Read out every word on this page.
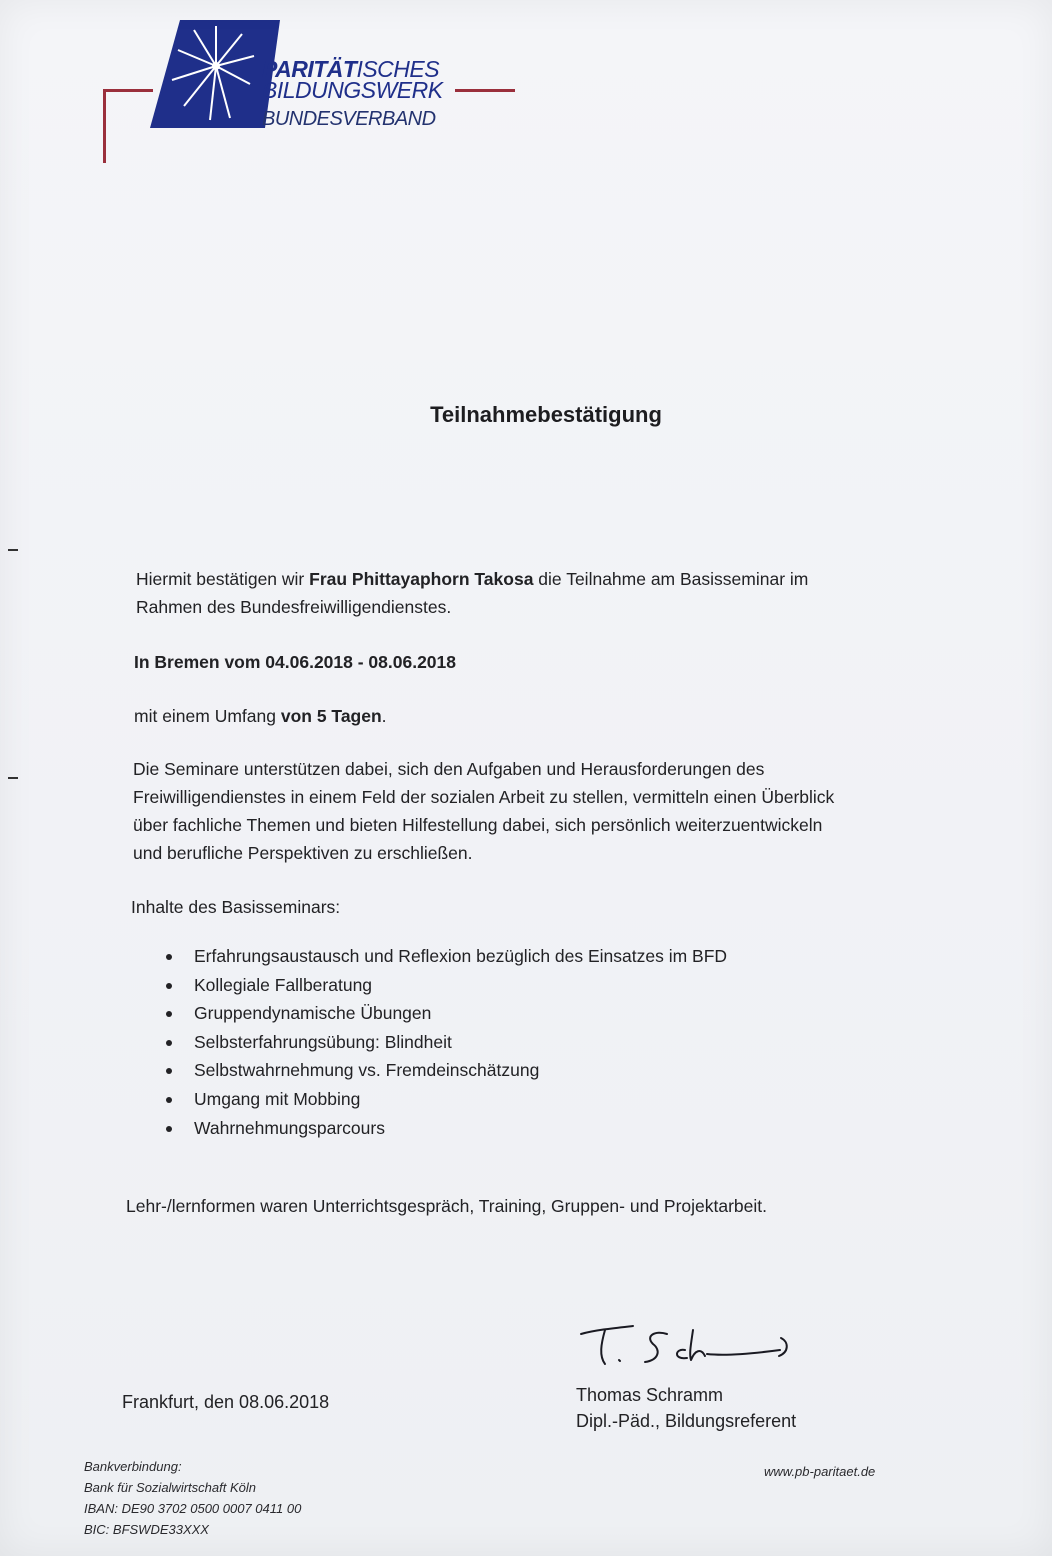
PARITÄTISCHES
BILDUNGSWERK
BUNDESVERBAND
Teilnahmebestätigung
Hiermit bestätigen wir Frau Phittayaphorn Takosa die Teilnahme am Basisseminar im
Rahmen des Bundesfreiwilligendienstes.
In Bremen vom 04.06.2018 - 08.06.2018
mit einem Umfang von 5 Tagen.
Die Seminare unterstützen dabei, sich den Aufgaben und Herausforderungen des
Freiwilligendienstes in einem Feld der sozialen Arbeit zu stellen, vermitteln einen Überblick
über fachliche Themen und bieten Hilfestellung dabei, sich persönlich weiterzuentwickeln
und berufliche Perspektiven zu erschließen.
Inhalte des Basisseminars:
Erfahrungsaustausch und Reflexion bezüglich des Einsatzes im BFD
Kollegiale Fallberatung
Gruppendynamische Übungen
Selbsterfahrungsübung: Blindheit
Selbstwahrnehmung vs. Fremdeinschätzung
Umgang mit Mobbing
Wahrnehmungsparcours
Lehr-/lernformen waren Unterrichtsgespräch, Training, Gruppen- und Projektarbeit.
Frankfurt, den 08.06.2018	Thomas Schramm
Dipl.-Päd., Bildungsreferent
Bankverbindung:
Bank für Sozialwirtschaft Köln
IBAN: DE90 3702 0500 0007 0411 00
BIC: BFSWDE33XXX
www.pb-paritaet.de
